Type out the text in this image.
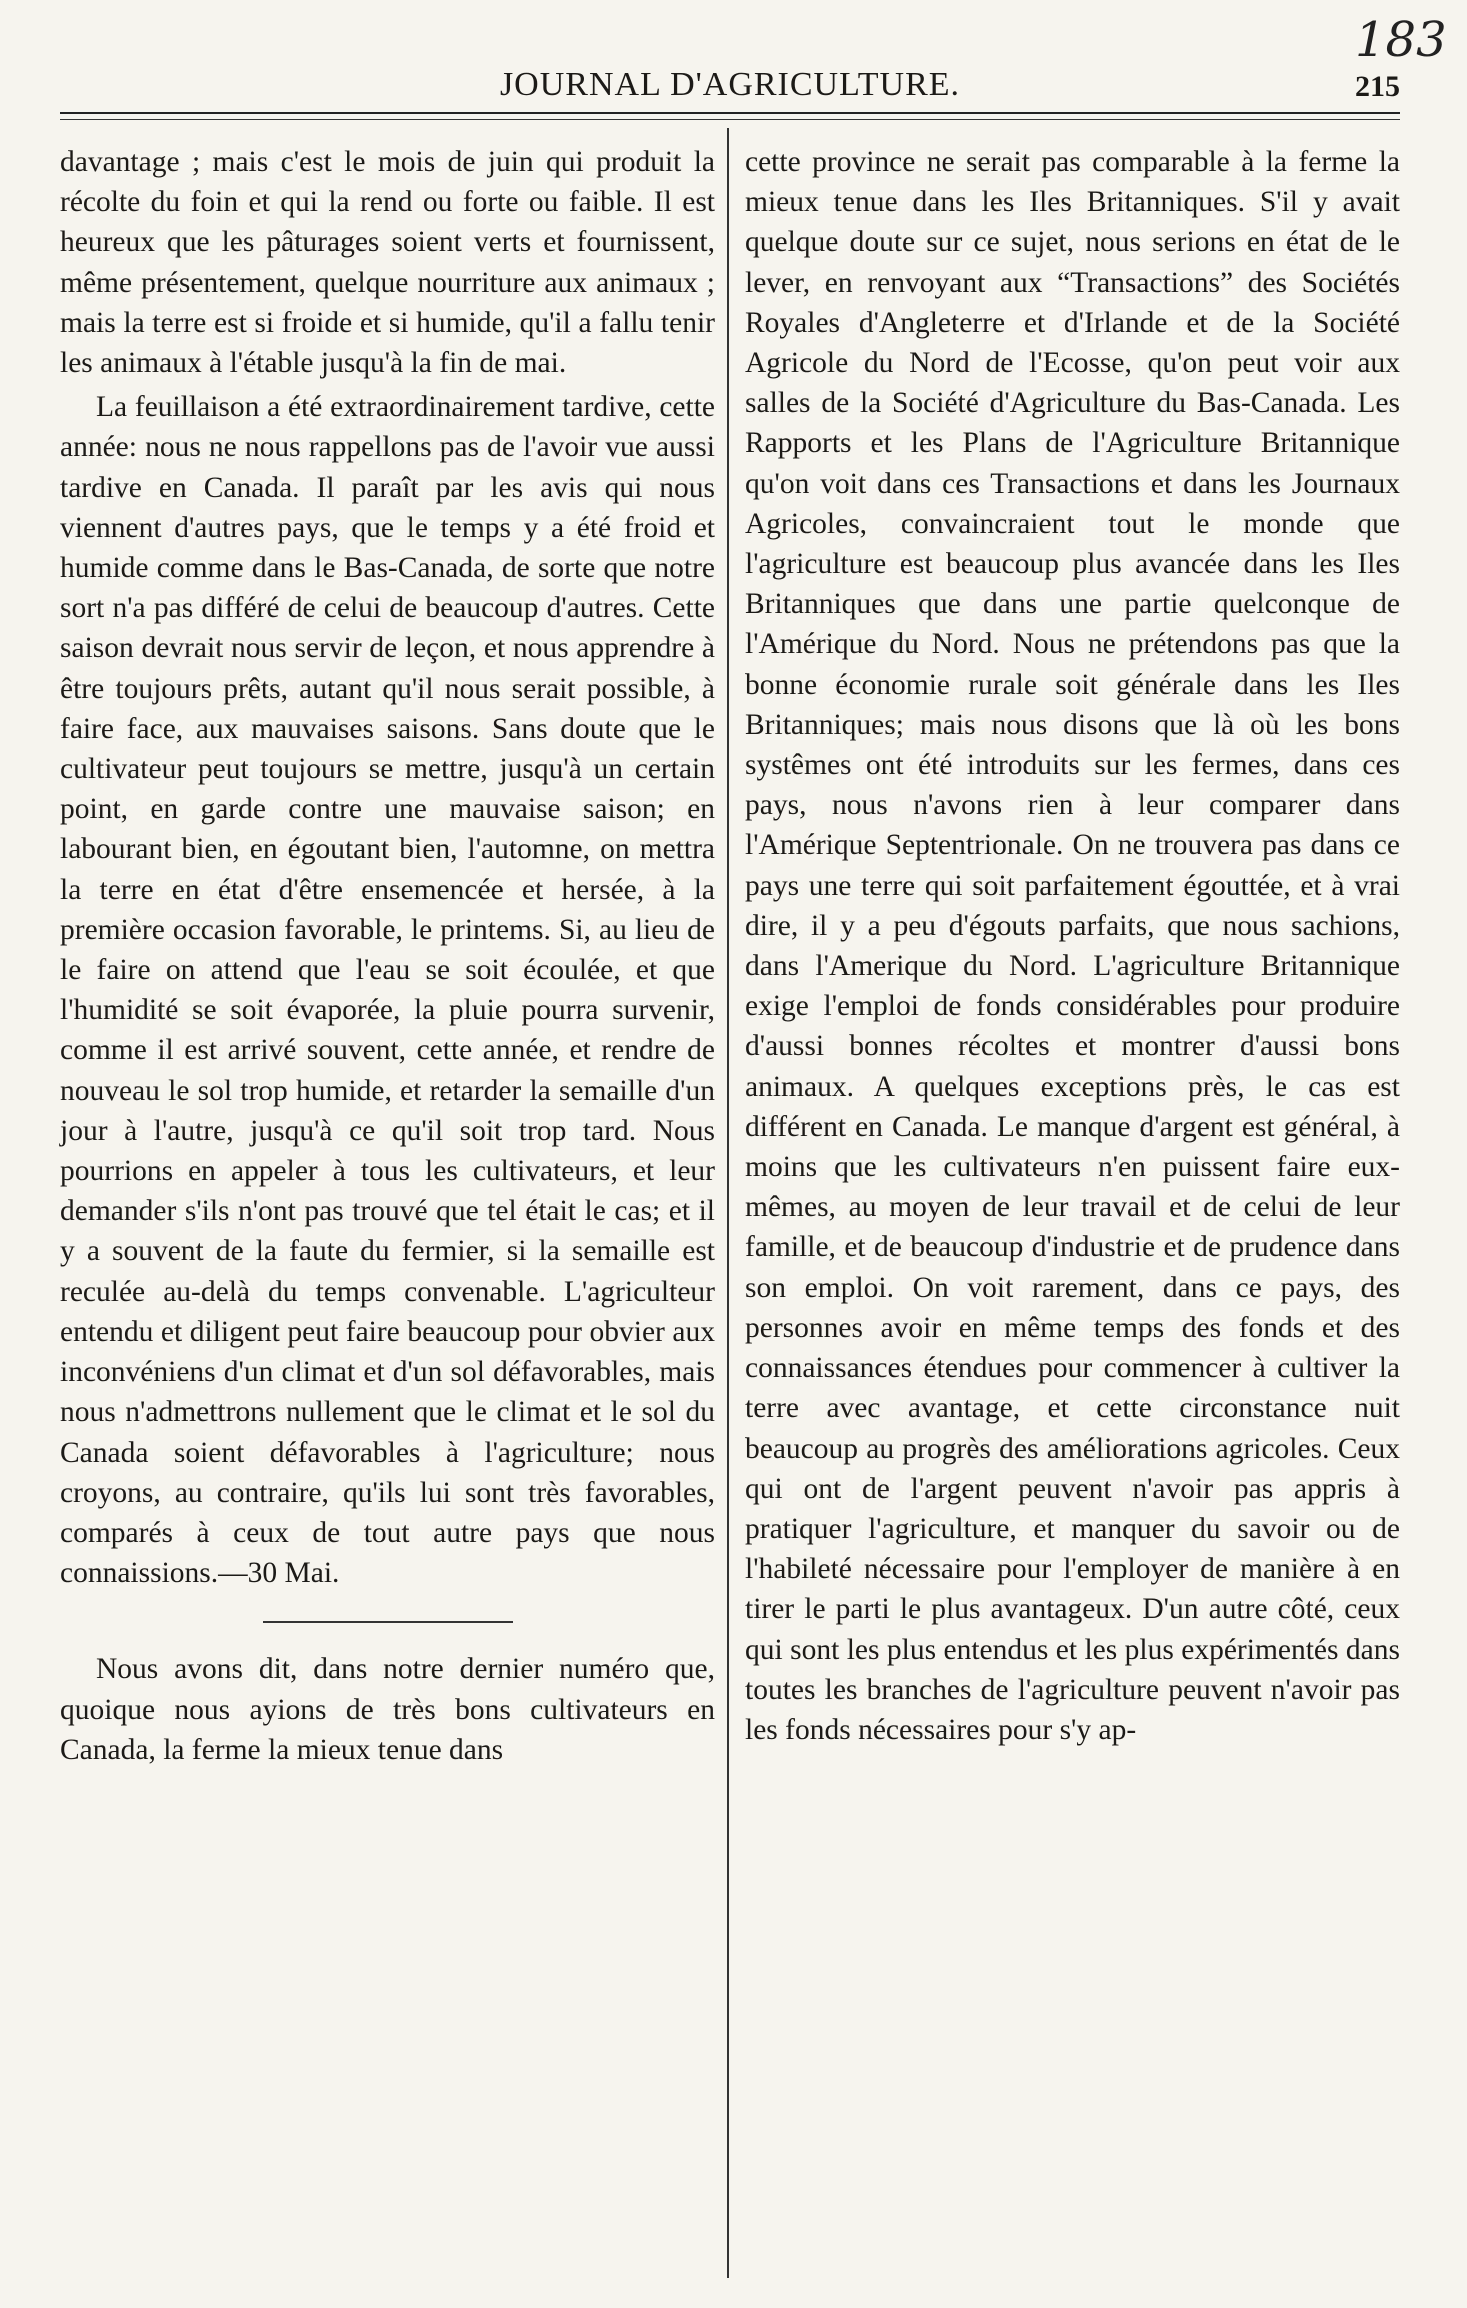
JOURNAL D'AGRICULTURE.	215
183

davantage ; mais c'est le mois de juin qui produit la récolte du foin et qui la rend ou forte ou faible. Il est heureux que les pâturages soient verts et fournissent, même présentement, quelque nourriture aux animaux ; mais la terre est si froide et si humide, qu'il a fallu tenir les animaux à l'étable jusqu'à la fin de mai.

La feuillaison a été extraordinairement tardive, cette année: nous ne nous rappellons pas de l'avoir vue aussi tardive en Canada. Il paraît par les avis qui nous viennent d'autres pays, que le temps y a été froid et humide comme dans le Bas-Canada, de sorte que notre sort n'a pas différé de celui de beaucoup d'autres. Cette saison devrait nous servir de leçon, et nous apprendre à être toujours prêts, autant qu'il nous serait possible, à faire face, aux mauvaises saisons. Sans doute que le cultivateur peut toujours se mettre, jusqu'à un certain point, en garde contre une mauvaise saison; en labourant bien, en égoutant bien, l'automne, on mettra la terre en état d'être ensemencée et hersée, à la première occasion favorable, le printems. Si, au lieu de le faire on attend que l'eau se soit écoulée, et que l'humidité se soit évaporée, la pluie pourra survenir, comme il est arrivé souvent, cette année, et rendre de nouveau le sol trop humide, et retarder la semaille d'un jour à l'autre, jusqu'à ce qu'il soit trop tard. Nous pourrions en appeler à tous les cultivateurs, et leur demander s'ils n'ont pas trouvé que tel était le cas; et il y a souvent de la faute du fermier, si la semaille est reculée au-delà du temps convenable. L'agriculteur entendu et diligent peut faire beaucoup pour obvier aux inconvéniens d'un climat et d'un sol défavorables, mais nous n'admettrons nullement que le climat et le sol du Canada soient défavorables à l'agriculture; nous croyons, au contraire, qu'ils lui sont très favorables, comparés à ceux de tout autre pays que nous connaissions.—30 Mai.

Nous avons dit, dans notre dernier numéro que, quoique nous ayions de très bons cultivateurs en Canada, la ferme la mieux tenue dans

cette province ne serait pas comparable à la ferme la mieux tenue dans les Iles Britanniques. S'il y avait quelque doute sur ce sujet, nous serions en état de le lever, en renvoyant aux “Transactions” des Sociétés Royales d'Angleterre et d'Irlande et de la Société Agricole du Nord de l'Ecosse, qu'on peut voir aux salles de la Société d'Agriculture du Bas-Canada. Les Rapports et les Plans de l'Agriculture Britannique qu'on voit dans ces Transactions et dans les Journaux Agricoles, convaincraient tout le monde que l'agriculture est beaucoup plus avancée dans les Iles Britanniques que dans une partie quelconque de l'Amérique du Nord. Nous ne prétendons pas que la bonne économie rurale soit générale dans les Iles Britanniques; mais nous disons que là où les bons systêmes ont été introduits sur les fermes, dans ces pays, nous n'avons rien à leur comparer dans l'Amérique Septentrionale. On ne trouvera pas dans ce pays une terre qui soit parfaitement égouttée, et à vrai dire, il y a peu d'égouts parfaits, que nous sachions, dans l'Amerique du Nord. L'agriculture Britannique exige l'emploi de fonds considérables pour produire d'aussi bonnes récoltes et montrer d'aussi bons animaux. A quelques exceptions près, le cas est différent en Canada. Le manque d'argent est général, à moins que les cultivateurs n'en puissent faire eux-mêmes, au moyen de leur travail et de celui de leur famille, et de beaucoup d'industrie et de prudence dans son emploi. On voit rarement, dans ce pays, des personnes avoir en même temps des fonds et des connaissances étendues pour commencer à cultiver la terre avec avantage, et cette circonstance nuit beaucoup au progrès des améliorations agricoles. Ceux qui ont de l'argent peuvent n'avoir pas appris à pratiquer l'agriculture, et manquer du savoir ou de l'habileté nécessaire pour l'employer de manière à en tirer le parti le plus avantageux. D'un autre côté, ceux qui sont les plus entendus et les plus expérimentés dans toutes les branches de l'agriculture peuvent n'avoir pas les fonds nécessaires pour s'y ap-
